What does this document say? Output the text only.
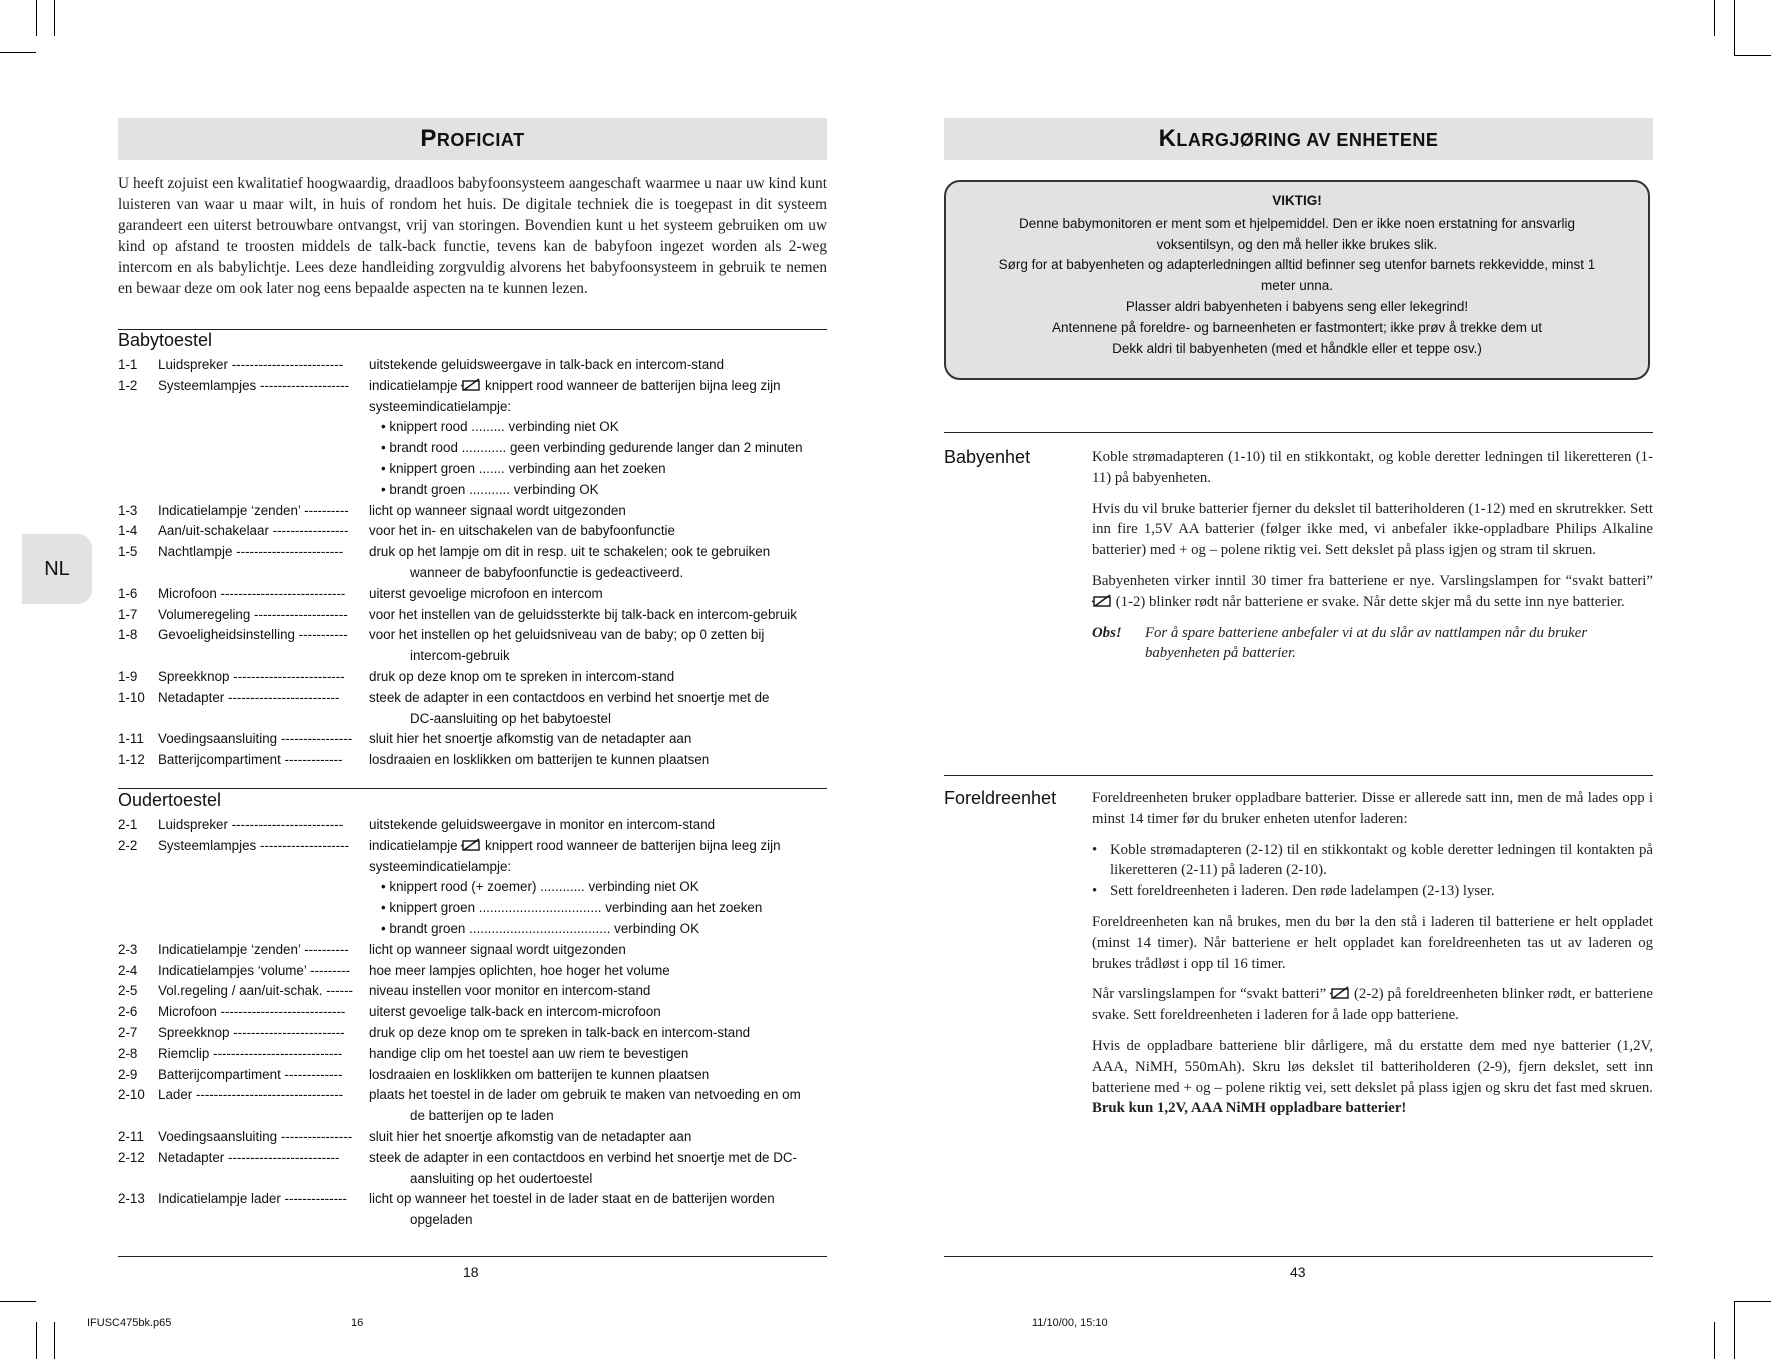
PROFICIAT
U heeft zojuist een kwalitatief hoogwaardig, draadloos babyfoonsysteem aangeschaft waarmee u naar uw kind kunt luisteren van waar u maar wilt, in huis of rondom het huis. De digitale techniek die is toegepast in dit systeem garandeert een uiterst betrouwbare ontvangst, vrij van storingen. Bovendien kunt u het systeem gebruiken om uw kind op afstand te troosten middels de talk-back functie, tevens kan de babyfoon ingezet worden als 2-weg intercom en als babylichtje. Lees deze handleiding zorgvuldig alvorens het babyfoonsysteem in gebruik te nemen en bewaar deze om ook later nog eens bepaalde aspecten na te kunnen lezen.
Babytoestel
1-1	Luidspreker -------------------------	uitstekende geluidsweergave in talk-back en intercom-stand
1-2	Systeemlampjes --------------------	indicatielampje knippert rood wanneer de batterijen bijna leeg zijn
systeemindicatielampje:
• knippert rood ......... verbinding niet OK
• brandt rood ............ geen verbinding gedurende langer dan 2 minuten
• knippert groen ....... verbinding aan het zoeken
• brandt groen ........... verbinding OK
1-3	Indicatielampje ‘zenden’ ----------	licht op wanneer signaal wordt uitgezonden
1-4	Aan/uit-schakelaar -----------------	voor het in- en uitschakelen van de babyfoonfunctie
1-5	Nachtlampje ------------------------	druk op het lampje om dit in resp. uit te schakelen; ook te gebruiken
wanneer de babyfoonfunctie is gedeactiveerd.
1-6	Microfoon ----------------------------	uiterst gevoelige microfoon en intercom
1-7	Volumeregeling ---------------------	voor het instellen van de geluidssterkte bij talk-back en intercom-gebruik
1-8	Gevoeligheidsinstelling -----------	voor het instellen op het geluidsniveau van de baby; op 0 zetten bij
intercom-gebruik
1-9	Spreekknop -------------------------	druk op deze knop om te spreken in intercom-stand
1-10 Netadapter -------------------------	steek de adapter in een contactdoos en verbind het snoertje met de
DC-aansluiting op het babytoestel
1-11	Voedingsaansluiting ----------------	sluit hier het snoertje afkomstig van de netadapter aan
1-12 Batterijcompartiment -------------	losdraaien en losklikken om batterijen te kunnen plaatsen
Oudertoestel
2-1	Luidspreker -------------------------	uitstekende geluidsweergave in monitor en intercom-stand
2-2	Systeemlampjes --------------------	indicatielampje knippert rood wanneer de batterijen bijna leeg zijn
systeemindicatielampje:
• knippert rood (+ zoemer) ............ verbinding niet OK
• knippert groen ................................. verbinding aan het zoeken
• brandt groen ...................................... verbinding OK
2-3	Indicatielampje ‘zenden’ ----------	licht op wanneer signaal wordt uitgezonden
2-4	Indicatielampjes ‘volume’ ---------	hoe meer lampjes oplichten, hoe hoger het volume
2-5	Vol.regeling / aan/uit-schak. ------	niveau instellen voor monitor en intercom-stand
2-6	Microfoon ----------------------------	uiterst gevoelige talk-back en intercom-microfoon
2-7	Spreekknop -------------------------	druk op deze knop om te spreken in talk-back en intercom-stand
2-8	Riemclip -----------------------------	handige clip om het toestel aan uw riem te bevestigen
2-9	Batterijcompartiment -------------	losdraaien en losklikken om batterijen te kunnen plaatsen
2-10 Lader ---------------------------------	plaats het toestel in de lader om gebruik te maken van netvoeding en om
de batterijen op te laden
2-11	Voedingsaansluiting ----------------	sluit hier het snoertje afkomstig van de netadapter aan
2-12 Netadapter -------------------------	steek de adapter in een contactdoos en verbind het snoertje met de DC-
aansluiting op het oudertoestel
2-13 Indicatielampje lader --------------	licht op wanneer het toestel in de lader staat en de batterijen worden
opgeladen
NL
18
KLARGJØRING AV ENHETENE
VIKTIG!
Denne babymonitoren er ment som et hjelpemiddel. Den er ikke noen erstatning for ansvarlig
voksentilsyn, og den må heller ikke brukes slik.
Sørg for at babyenheten og adapterledningen alltid befinner seg utenfor barnets rekkevidde, minst 1
meter unna.
Plasser aldri babyenheten i babyens seng eller lekegrind!
Antennene på foreldre- og barneenheten er fastmontert; ikke prøv å trekke dem ut
Dekk aldri til babyenheten (med et håndkle eller et teppe osv.)
Babyenhet	Koble strømadapteren (1-10) til en stikkontakt, og koble deretter ledningen til likeretteren (1-11) på babyenheten.

Hvis du vil bruke batterier fjerner du dekslet til batteriholderen (1-12) med en skrutrekker. Sett inn fire 1,5V AA batterier (følger ikke med, vi anbefaler ikke-oppladbare Philips Alkaline batterier) med + og – polene riktig vei. Sett dekslet på plass igjen og stram til skruen.

Babyenheten virker inntil 30 timer fra batteriene er nye. Varslingslampen for “svakt batteri”  (1-2) blinker rødt når batteriene er svake. Når dette skjer må du sette inn nye batterier.

Obs!	For å spare batteriene anbefaler vi at du slår av nattlampen når du bruker babyenheten på batterier.
Foreldreenhet Foreldreenheten bruker oppladbare batterier. Disse er allerede satt inn, men de må lades opp i minst 14 timer før du bruker enheten utenfor laderen:

• Koble strømadapteren (2-12) til en stikkontakt og koble deretter ledningen til kontakten på likeretteren (2-11) på laderen (2-10).
• Sett foreldreenheten i laderen. Den røde ladelampen (2-13) lyser.

Foreldreenheten kan nå brukes, men du bør la den stå i laderen til batteriene er helt oppladet (minst 14 timer). Når batteriene er helt oppladet kan foreldreenheten tas ut av laderen og brukes trådløst i opp til 16 timer.

Når varslingslampen for “svakt batteri” (2-2) på foreldreenheten blinker rødt, er batteriene svake. Sett foreldreenheten i laderen for å lade opp batteriene.

Hvis de oppladbare batteriene blir dårligere, må du erstatte dem med nye batterier (1,2V, AAA, NiMH, 550mAh). Skru løs dekslet til batteriholderen (2-9), fjern dekslet, sett inn batteriene med + og – polene riktig vei, sett dekslet på plass igjen og skru det fast med skruen. Bruk kun 1,2V, AAA NiMH oppladbare batterier!

43
IFUSC475bk.p65	16	11/10/00, 15:10
